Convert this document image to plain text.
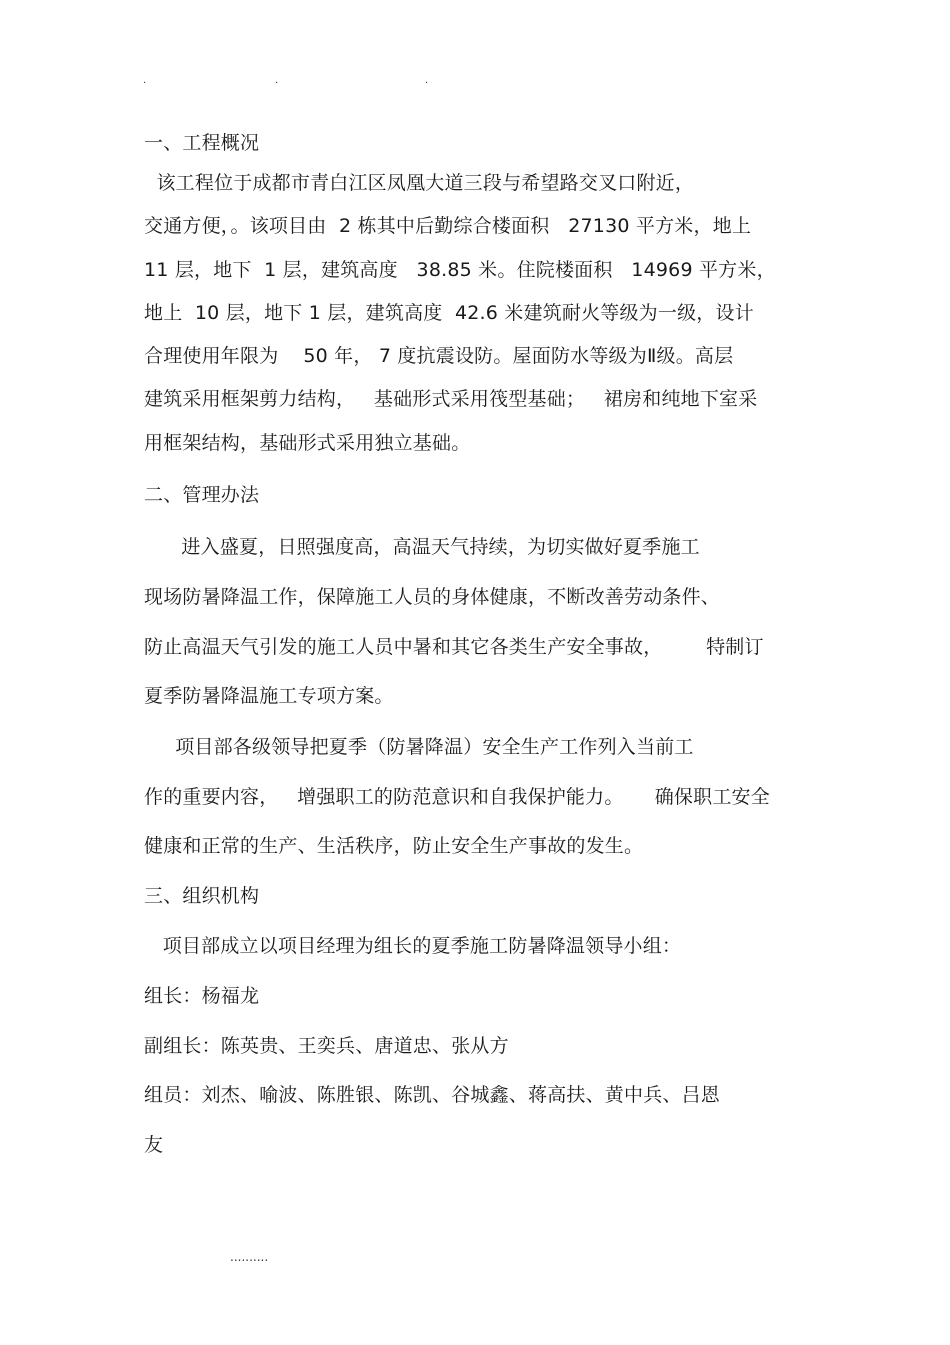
.	.	.
一、工程概况
该工程位于成都市青白江区凤凰大道三段与希望路交叉口附近，
交通方便，。该项目由  2 栋其中后勤综合楼面积   27130 平方米，地上
11 层，地下  1 层，建筑高度   38.85 米。住院楼面积   14969 平方米，
地上  10 层，地下 1 层，建筑高度  42.6 米建筑耐火等级为一级，设计
合理使用年限为    50 年， 7 度抗震设防。屋面防水等级为Ⅱ级。高层
建筑采用框架剪力结构，   基础形式采用筏型基础；   裙房和纯地下室采
用框架结构，基础形式采用独立基础。
二、管理办法
进入盛夏，日照强度高，高温天气持续，为切实做好夏季施工
现场防暑降温工作，保障施工人员的身体健康，不断改善劳动条件、
防止高温天气引发的施工人员中暑和其它各类生产安全事故，       特制订
夏季防暑降温施工专项方案。
项目部各级领导把夏季（防暑降温）安全生产工作列入当前工
作的重要内容，   增强职工的防范意识和自我保护能力。     确保职工安全
健康和正常的生产、生活秩序，防止安全生产事故的发生。
三、组织机构
项目部成立以项目经理为组长的夏季施工防暑降温领导小组：
组长：杨福龙
副组长：陈英贵、王奕兵、唐道忠、张从方
组员：刘杰、喻波、陈胜银、陈凯、谷城鑫、蒋高扶、黄中兵、吕恩
友
..........
